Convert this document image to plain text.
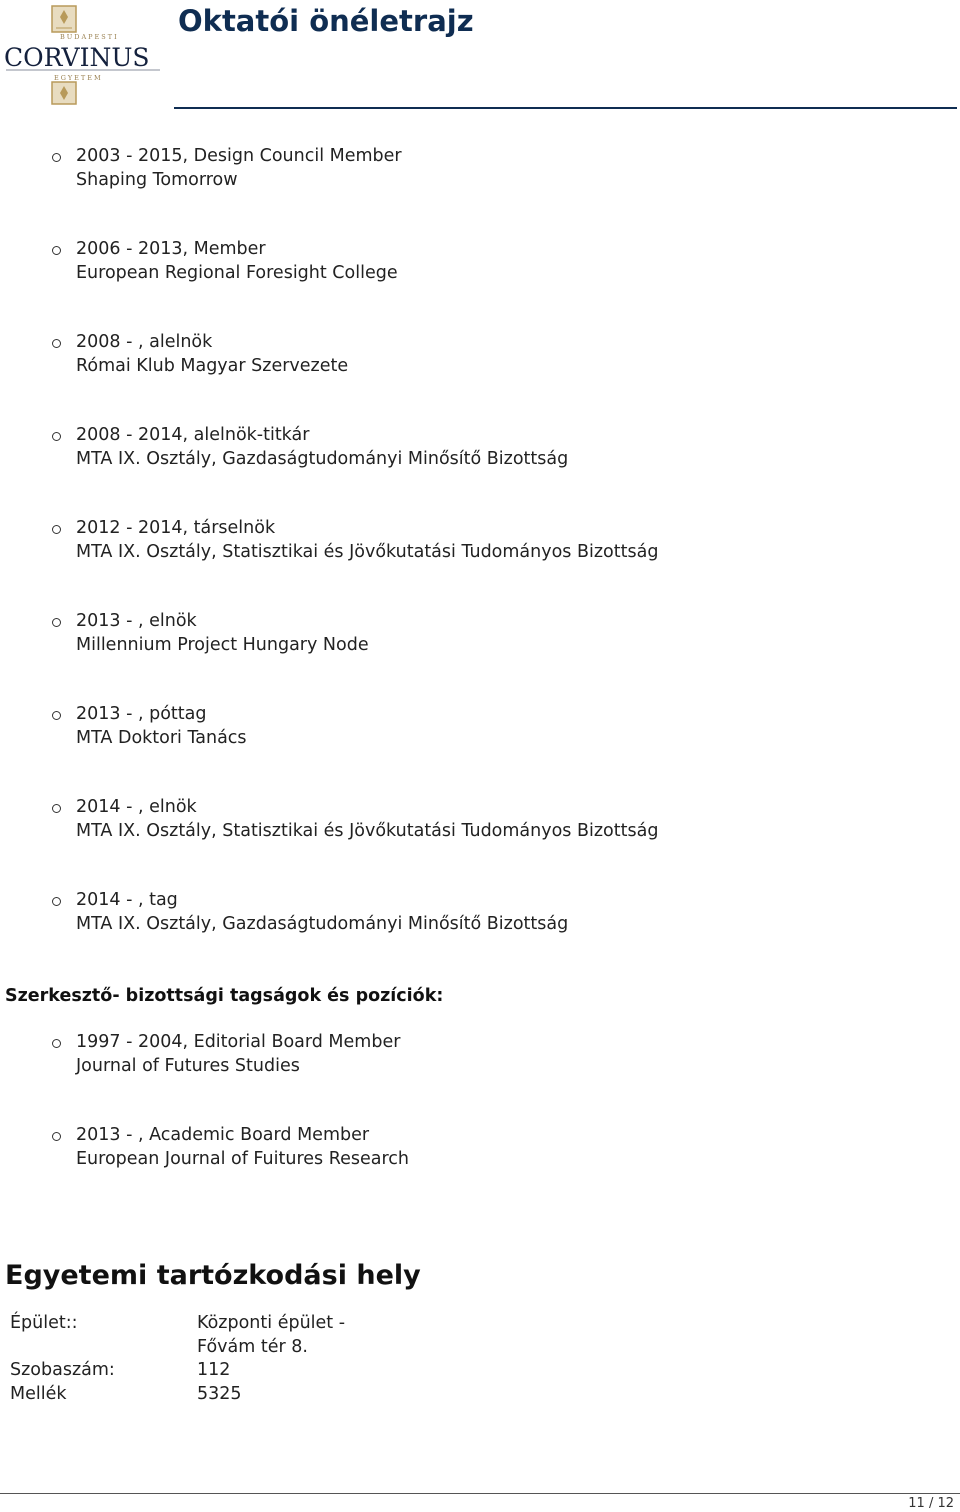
BUDAPESTI
CORVINUS
EGYETEM
Oktatói önéletrajz
2003 - 2015, Design Council Member
Shaping Tomorrow
2006 - 2013, Member
European Regional Foresight College
2008 - , alelnök
Római Klub Magyar Szervezete
2008 - 2014, alelnök-titkár
MTA IX. Osztály, Gazdaságtudományi Minősítő Bizottság
2012 - 2014, társelnök
MTA IX. Osztály, Statisztikai és Jövőkutatási Tudományos Bizottság
2013 - , elnök
Millennium Project Hungary Node
2013 - , póttag
MTA Doktori Tanács
2014 - , elnök
MTA IX. Osztály, Statisztikai és Jövőkutatási Tudományos Bizottság
2014 - , tag
MTA IX. Osztály, Gazdaságtudományi Minősítő Bizottság
Szerkesztő- bizottsági tagságok és pozíciók:
1997 - 2004, Editorial Board Member
Journal of Futures Studies
2013 - , Academic Board Member
European Journal of Fuitures Research
Egyetemi tartózkodási hely
Épület::	Központi épület -
Fővám tér 8.

Szobaszám:	112
Mellék	5325
11 / 12
